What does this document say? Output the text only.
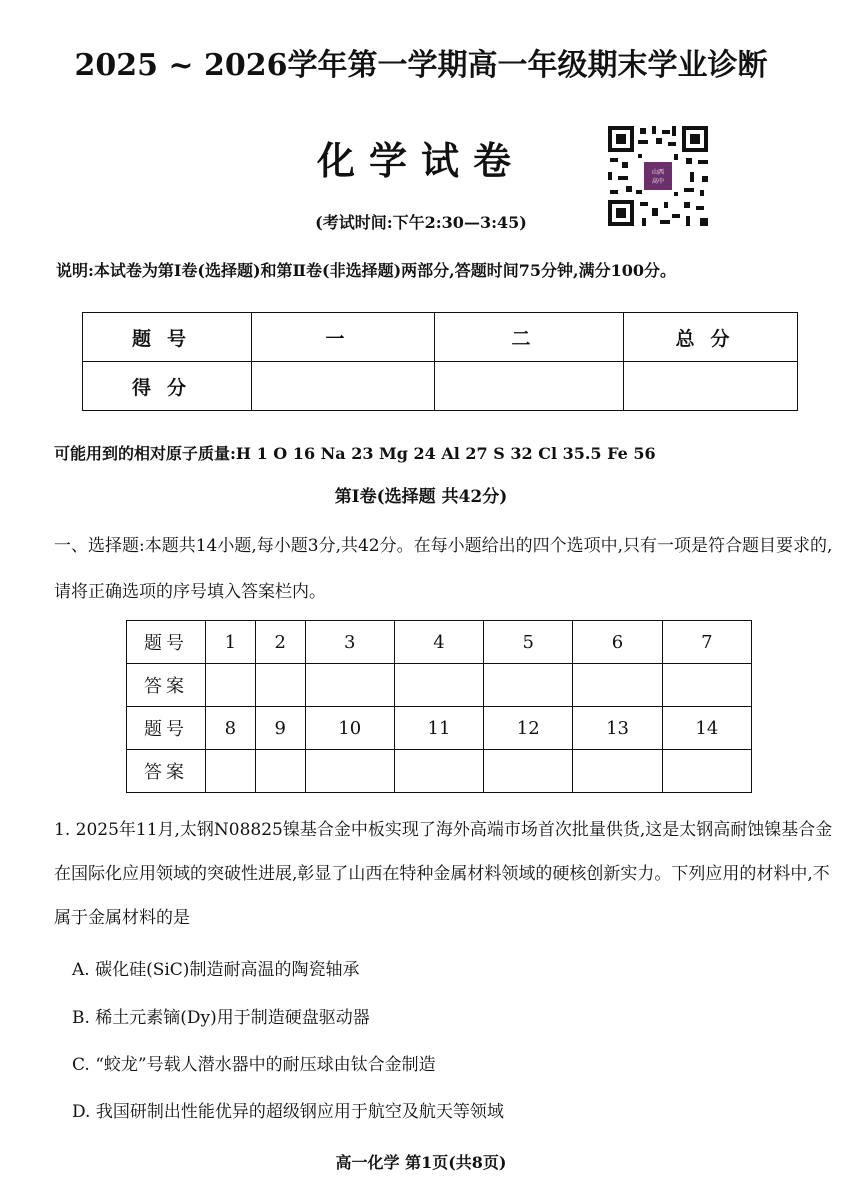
2025 ~ 2026学年第一学期高一年级期末学业诊断
化学试卷
(考试时间:下午2:30—3:45)
山西
高中
说明:本试卷为第Ⅰ卷(选择题)和第Ⅱ卷(非选择题)两部分,答题时间75分钟,满分100分。
题号	一	二	总分
得分			
可能用到的相对原子质量:H 1 O 16 Na 23 Mg 24 Al 27 S 32 Cl 35.5 Fe 56
第Ⅰ卷(选择题 共42分)
一、选择题:本题共14小题,每小题3分,共42分。在每小题给出的四个选项中,只有一项是符合题目要求的,请将正确选项的序号填入答案栏内。
题号	1	2	3	4	5	6	7
答案							
题号	8	9	10	11	12	13	14
答案							
1. 2025年11月,太钢N08825镍基合金中板实现了海外高端市场首次批量供货,这是太钢高耐蚀镍基合金在国际化应用领域的突破性进展,彰显了山西在特种金属材料领域的硬核创新实力。下列应用的材料中,不属于金属材料的是
A. 碳化硅(SiC)制造耐高温的陶瓷轴承
B. 稀土元素镝(Dy)用于制造硬盘驱动器
C. “蛟龙”号载人潜水器中的耐压球由钛合金制造
D. 我国研制出性能优异的超级钢应用于航空及航天等领域
高一化学 第1页(共8页)
